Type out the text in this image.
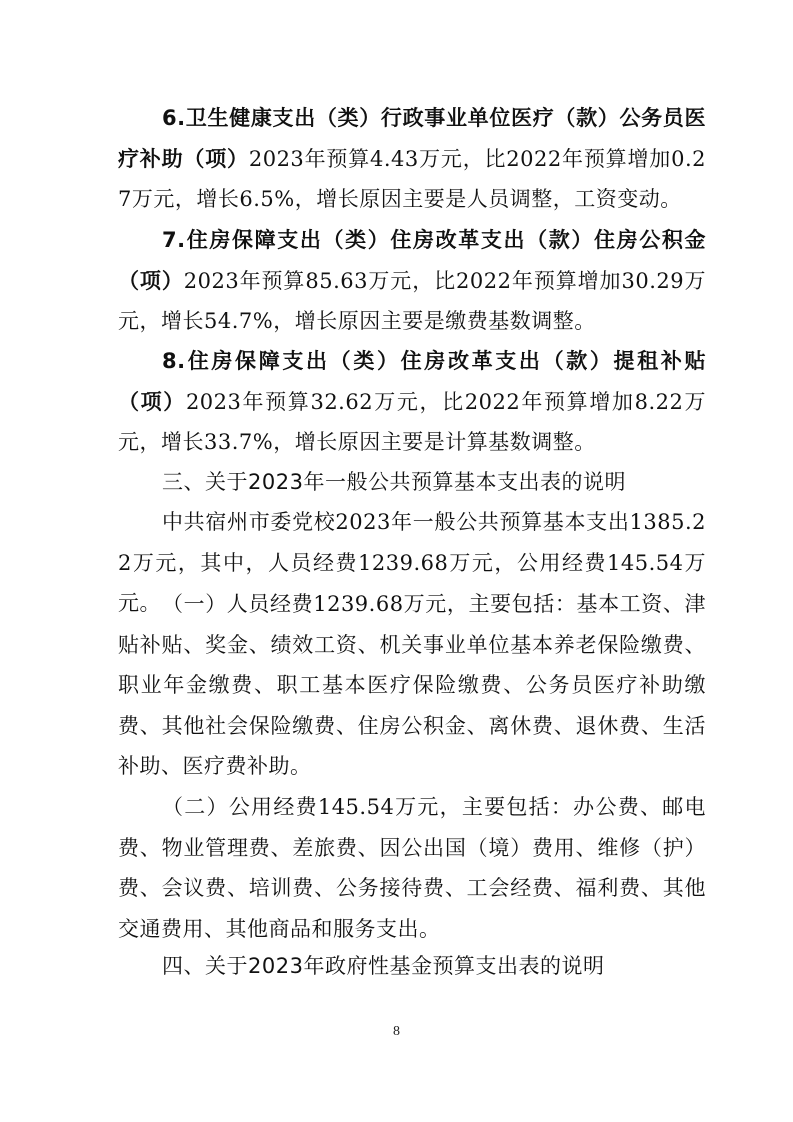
6.卫生健康支出（类）行政事业单位医疗（款）公务员医疗补助（项）2023年预算4.43万元，比2022年预算增加0.27万元，增长6.5%，增长原因主要是人员调整，工资变动。

7.住房保障支出（类）住房改革支出（款）住房公积金（项）2023年预算85.63万元，比2022年预算增加30.29万元，增长54.7%，增长原因主要是缴费基数调整。

8.住房保障支出（类）住房改革支出（款）提租补贴（项）2023年预算32.62万元，比2022年预算增加8.22万元，增长33.7%，增长原因主要是计算基数调整。

三、关于2023年一般公共预算基本支出表的说明

中共宿州市委党校2023年一般公共预算基本支出1385.22万元，其中，人员经费1239.68万元，公用经费145.54万元。 （一）人员经费1239.68万元，主要包括：基本工资、津贴补贴、奖金、绩效工资、机关事业单位基本养老保险缴费、职业年金缴费、职工基本医疗保险缴费、公务员医疗补助缴费、其他社会保险缴费、住房公积金、离休费、退休费、生活补助、医疗费补助。

（二）公用经费145.54万元，主要包括：办公费、邮电费、物业管理费、差旅费、因公出国（境）费用、维修（护）费、会议费、培训费、公务接待费、工会经费、福利费、其他交通费用、其他商品和服务支出。

四、关于2023年政府性基金预算支出表的说明

8
